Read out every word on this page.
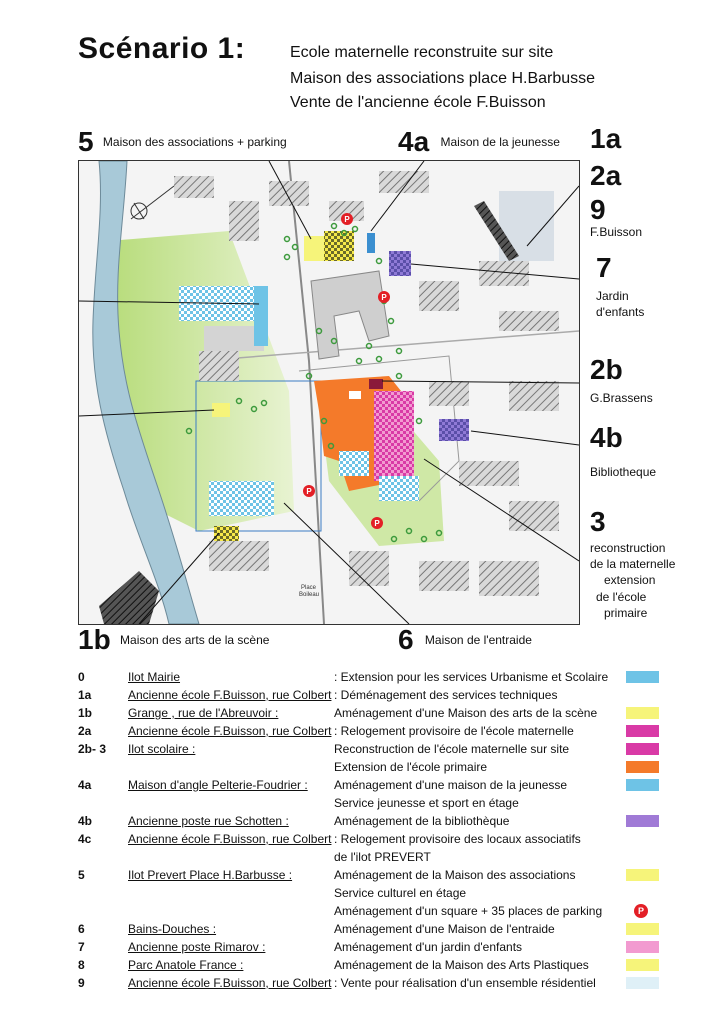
Scénario 1:	Ecole maternelle reconstruite sur site
Maison des associations place H.Barbusse
Vente de l'ancienne école F.Buisson
5 Maison des associations + parking	4a Maison de la jeunesse 1a
2a
9
F.Buisson
7
Jardin
d'enfants
2b
G.Brassens
4b
Bibliotheque
3
reconstruction
de la maternelle
extension
de l'école
primaire
P
P
P
P
Place
Boileau
1b Maison des arts de la scène	6 Maison de l'entraide
0	Ilot Mairie	: Extension pour les services Urbanisme et Scolaire
1a	Ancienne école F.Buisson, rue Colbert : Déménagement des services techniques
1b	Grange , rue de l'Abreuvoir :	Aménagement d'une Maison des arts de la scène
2a	Ancienne école F.Buisson, rue Colbert : Relogement provisoire de l'école maternelle
2b- 3 Ilot scolaire :	Reconstruction de l'école maternelle sur site
Extension de l'école primaire
4a	Maison d'angle Pelterie-Foudrier : Aménagement d'une maison de la jeunesse
Service jeunesse et sport en étage
4b	Ancienne poste rue Schotten :	Aménagement de la bibliothèque
4c	Ancienne école F.Buisson, rue Colbert : Relogement provisoire des locaux associatifs
de l'ilot PREVERT
5	Ilot Prevert Place H.Barbusse :	Aménagement de la Maison des associations
Service culturel en étage
Aménagement d'un square + 35 places de parking	P
6	Bains-Douches :	Aménagement d'une Maison de l'entraide
7	Ancienne poste Rimarov :	Aménagement d'un jardin d'enfants
8	Parc Anatole France :	Aménagement de la Maison des Arts Plastiques
9	Ancienne école F.Buisson, rue Colbert : Vente pour réalisation d'un ensemble résidentiel
